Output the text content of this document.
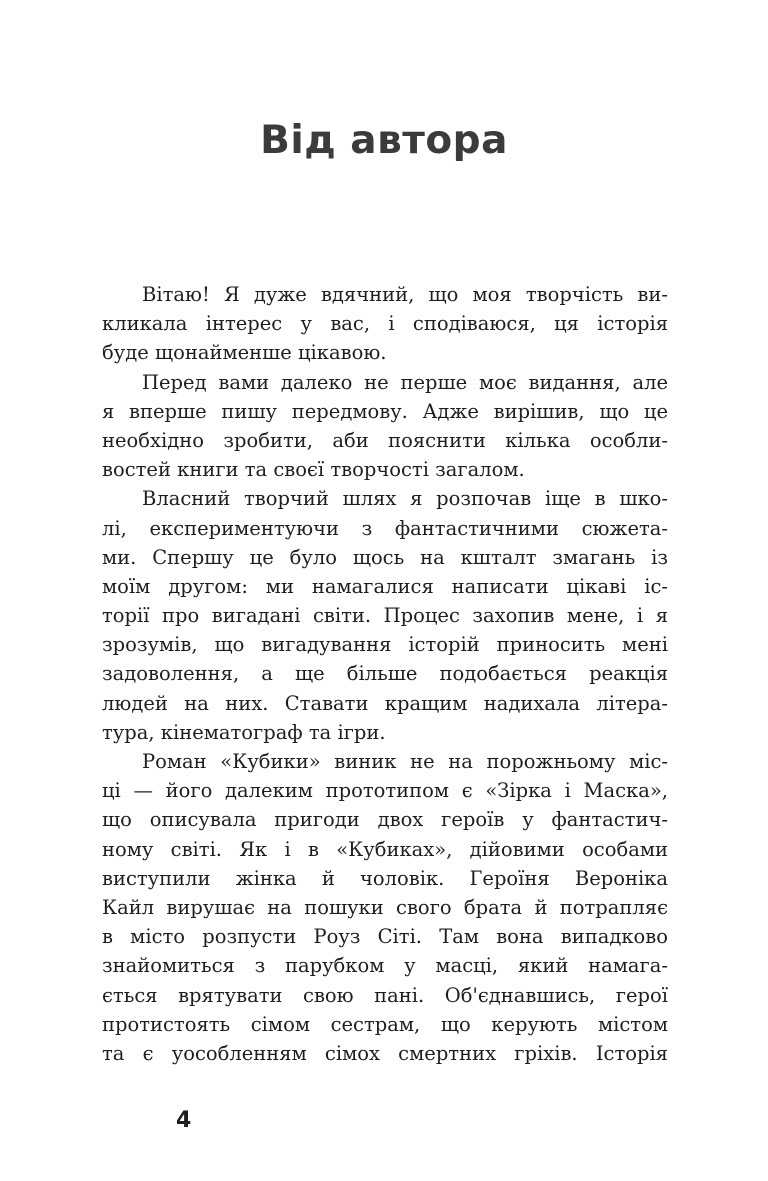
Від автора
Вітаю! Я дуже вдячний, що моя творчість ви-
кликала інтерес у вас, і сподіваюся, ця історія
буде щонайменше цікавою.
Перед вами далеко не перше моє видання, але
я вперше пишу передмову. Адже вирішив, що це
необхідно зробити, аби пояснити кілька особли-
востей книги та своєї творчості загалом.
Власний творчий шлях я розпочав іще в шко-
лі, експериментуючи з фантастичними сюжета-
ми. Спершу це було щось на кшталт змагань із
моїм другом: ми намагалися написати цікаві іс-
торії про вигадані світи. Процес захопив мене, і я
зрозумів, що вигадування історій приносить мені
задоволення, а ще більше подобається реакція
людей на них. Ставати кращим надихала літера-
тура, кінематограф та ігри.
Роман «Кубики» виник не на порожньому міс-
ці — його далеким прототипом є «Зірка і Маска»,
що описувала пригоди двох героїв у фантастич-
ному світі. Як і в «Кубиках», дійовими особами
виступили жінка й чоловік. Героїня Вероніка
Кайл вирушає на пошуки свого брата й потрапляє
в місто розпусти Роуз Сіті. Там вона випадково
знайомиться з парубком у масці, який намага-
ється врятувати свою пані. Об'єднавшись, герої
протистоять сімом сестрам, що керують містом
та є уособленням сімох смертних гріхів. Історія
4
